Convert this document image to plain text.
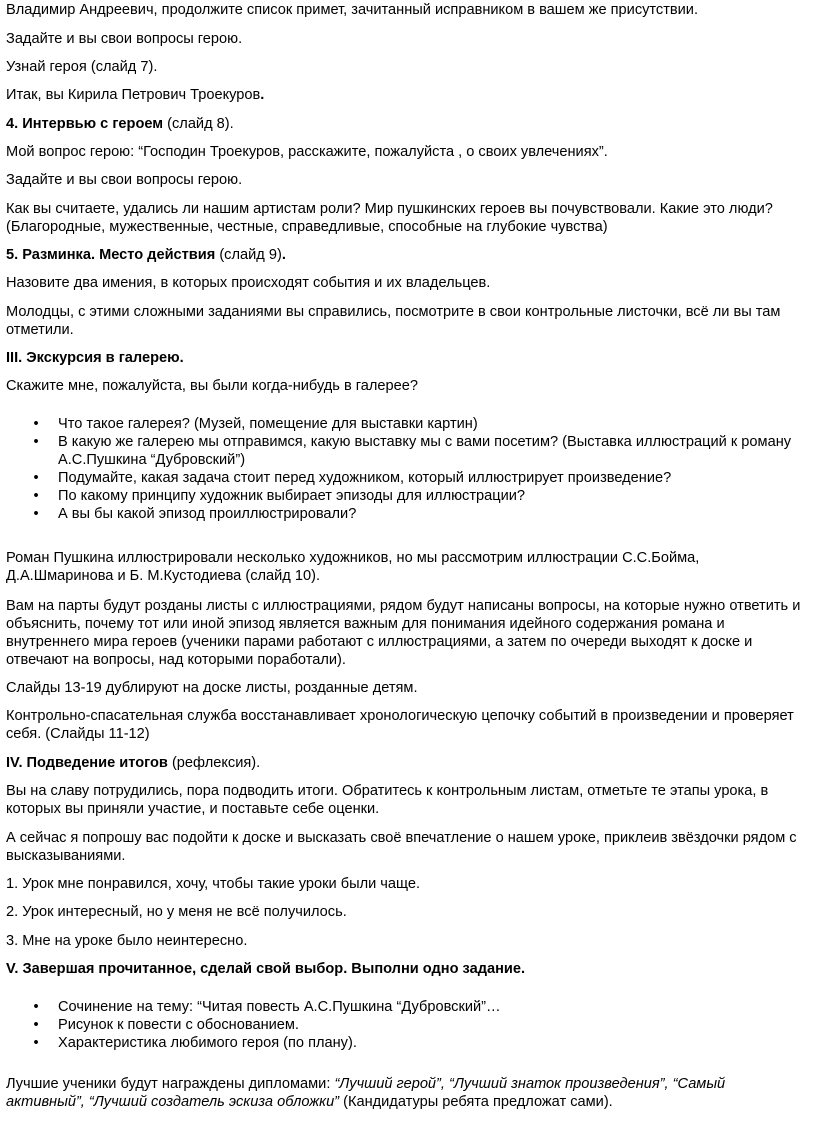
Владимир Андреевич, продолжите список примет, зачитанный исправником в вашем же присутствии.

Задайте и вы свои вопросы герою.

Узнай героя (слайд 7).

Итак, вы Кирила Петрович Троекуров.

4. Интервью с героем (слайд 8).

Мой вопрос герою: “Господин Троекуров, расскажите, пожалуйста , о своих увлечениях”.

Задайте и вы свои вопросы герою.

Как вы считаете, удались ли нашим артистам роли? Мир пушкинских героев вы почувствовали. Какие это люди? (Благородные, мужественные, честные, справедливые, способные на глубокие чувства)

5. Разминка. Место действия (слайд 9).

Назовите два имения, в которых происходят события и их владельцев.

Молодцы, с этими сложными заданиями вы справились, посмотрите в свои контрольные листочки, всё ли вы там отметили.

III. Экскурсия в галерею.

Скажите мне, пожалуйста, вы были когда-нибудь в галерее?

• Что такое галерея? (Музей, помещение для выставки картин)
• В какую же галерею мы отправимся, какую выставку мы с вами посетим? (Выставка иллюстраций к роману А.С.Пушкина “Дубровский”)
• Подумайте, какая задача стоит перед художником, который иллюстрирует произведение?
• По какому принципу художник выбирает эпизоды для иллюстрации?
• А вы бы какой эпизод проиллюстрировали?

Роман Пушкина иллюстрировали несколько художников, но мы рассмотрим иллюстрации С.С.Бойма, Д.А.Шмаринова и Б. М.Кустодиева (слайд 10).

Вам на парты будут розданы листы с иллюстрациями, рядом будут написаны вопросы, на которые нужно ответить и объяснить, почему тот или иной эпизод является важным для понимания идейного содержания романа и внутреннего мира героев (ученики парами работают с иллюстрациями, а затем по очереди выходят к доске и отвечают на вопросы, над которыми поработали).

Слайды 13-19 дублируют на доске листы, розданные детям.

Контрольно-спасательная служба восстанавливает хронологическую цепочку событий в произведении и проверяет себя. (Слайды 11-12)

IV. Подведение итогов (рефлексия).

Вы на славу потрудились, пора подводить итоги. Обратитесь к контрольным листам, отметьте те этапы урока, в которых вы приняли участие, и поставьте себе оценки.

А сейчас я попрошу вас подойти к доске и высказать своё впечатление о нашем уроке, приклеив звёздочки рядом с высказываниями.

1. Урок мне понравился, хочу, чтобы такие уроки были чаще.

2. Урок интересный, но у меня не всё получилось.

3. Мне на уроке было неинтересно.

V. Завершая прочитанное, сделай свой выбор. Выполни одно задание.

• Сочинение на тему: “Читая повесть А.С.Пушкина “Дубровский”…
• Рисунок к повести с обоснованием.
• Характеристика любимого героя (по плану).

Лучшие ученики будут награждены дипломами: “Лучший герой”, “Лучший знаток произведения”, “Самый активный”, “Лучший создатель эскиза обложки” (Кандидатуры ребята предложат сами).
